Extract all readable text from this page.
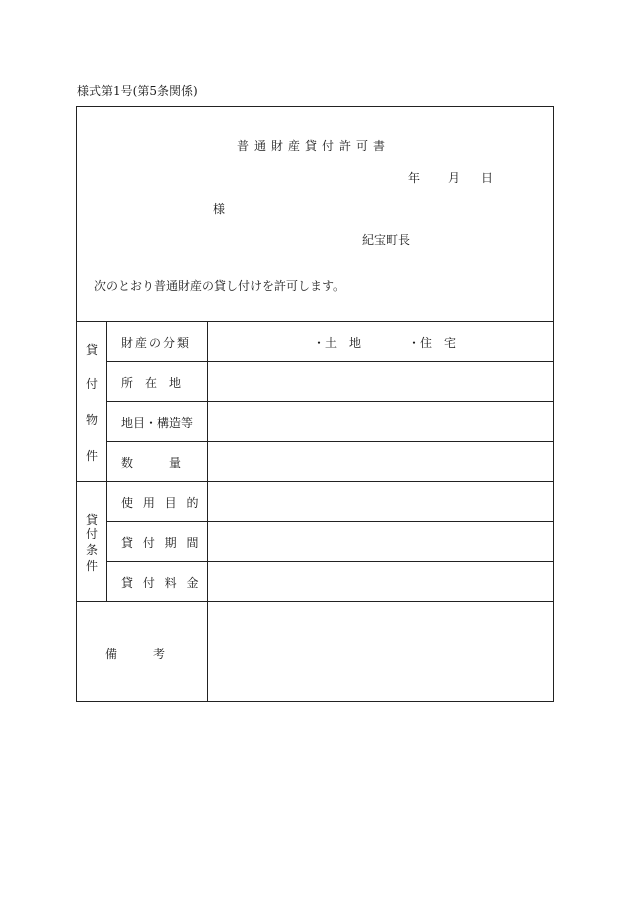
様式第1号(第5条関係)
普通財産貸付許可書
年 月 日
様
紀宝町長
次のとおり普通財産の貸し付けを許可します。
貸
付
物
件
貸
付
条
件
財産の分類	・土　地	・住　宅
所　在　地
地目・構造等
数　　　量
使 用 目 的
貸 付 期 間
貸 付 料 金
備　　　考
